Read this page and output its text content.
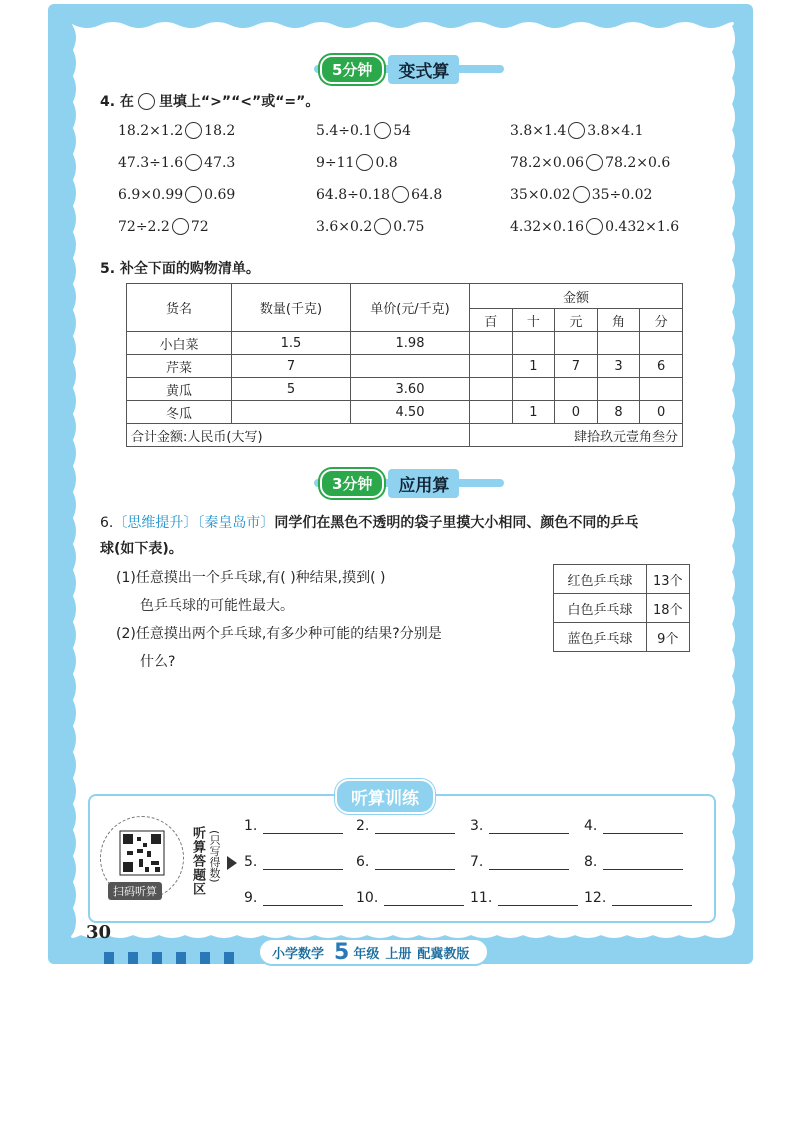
5分钟	变式算
4. 在 里填上“>”“<”或“=”。
18.2×1.2 18.2	5.4÷0.1 54	3.8×1.4 3.8×4.1
47.3÷1.6 47.3	9÷11 0.8	78.2×0.06 78.2×0.6
6.9×0.99 0.69	64.8÷0.18 64.8	35×0.02 35÷0.02
72÷2.2 72	3.6×0.2 0.75	4.32×0.16 0.432×1.6
5. 补全下面的购物清单。
货名	数量(千克)	单价(元/千克)	金额				
			百	十	元	角	分
小白菜	1.5	1.98					
芹菜	7			1	7	3	6
黄瓜	5	3.60					
冬瓜		4.50		1	0	8	0
合计金额:人民币(大写)			肆拾玖元壹角叁分				
3分钟	应用算
6.〔思维提升〕〔秦皇岛市〕同学们在黑色不透明的袋子里摸大小相同、颜色不同的乒乓
球(如下表)。
(1)任意摸出一个乒乓球,有( )种结果,摸到( )
色乒乓球的可能性最大。
(2)任意摸出两个乒乓球,有多少种可能的结果?分别是
什么?
红色乒乓球	13个
白色乒乓球	18个
蓝色乒乓球	9个
听算训练
扫码听算	听算答题区 (只写得数)
1.	2.	3.	4.
5.	6.	7.	8.
9.	10.	11.	12.
30
小学数学 5 年级 上册 配冀教版
